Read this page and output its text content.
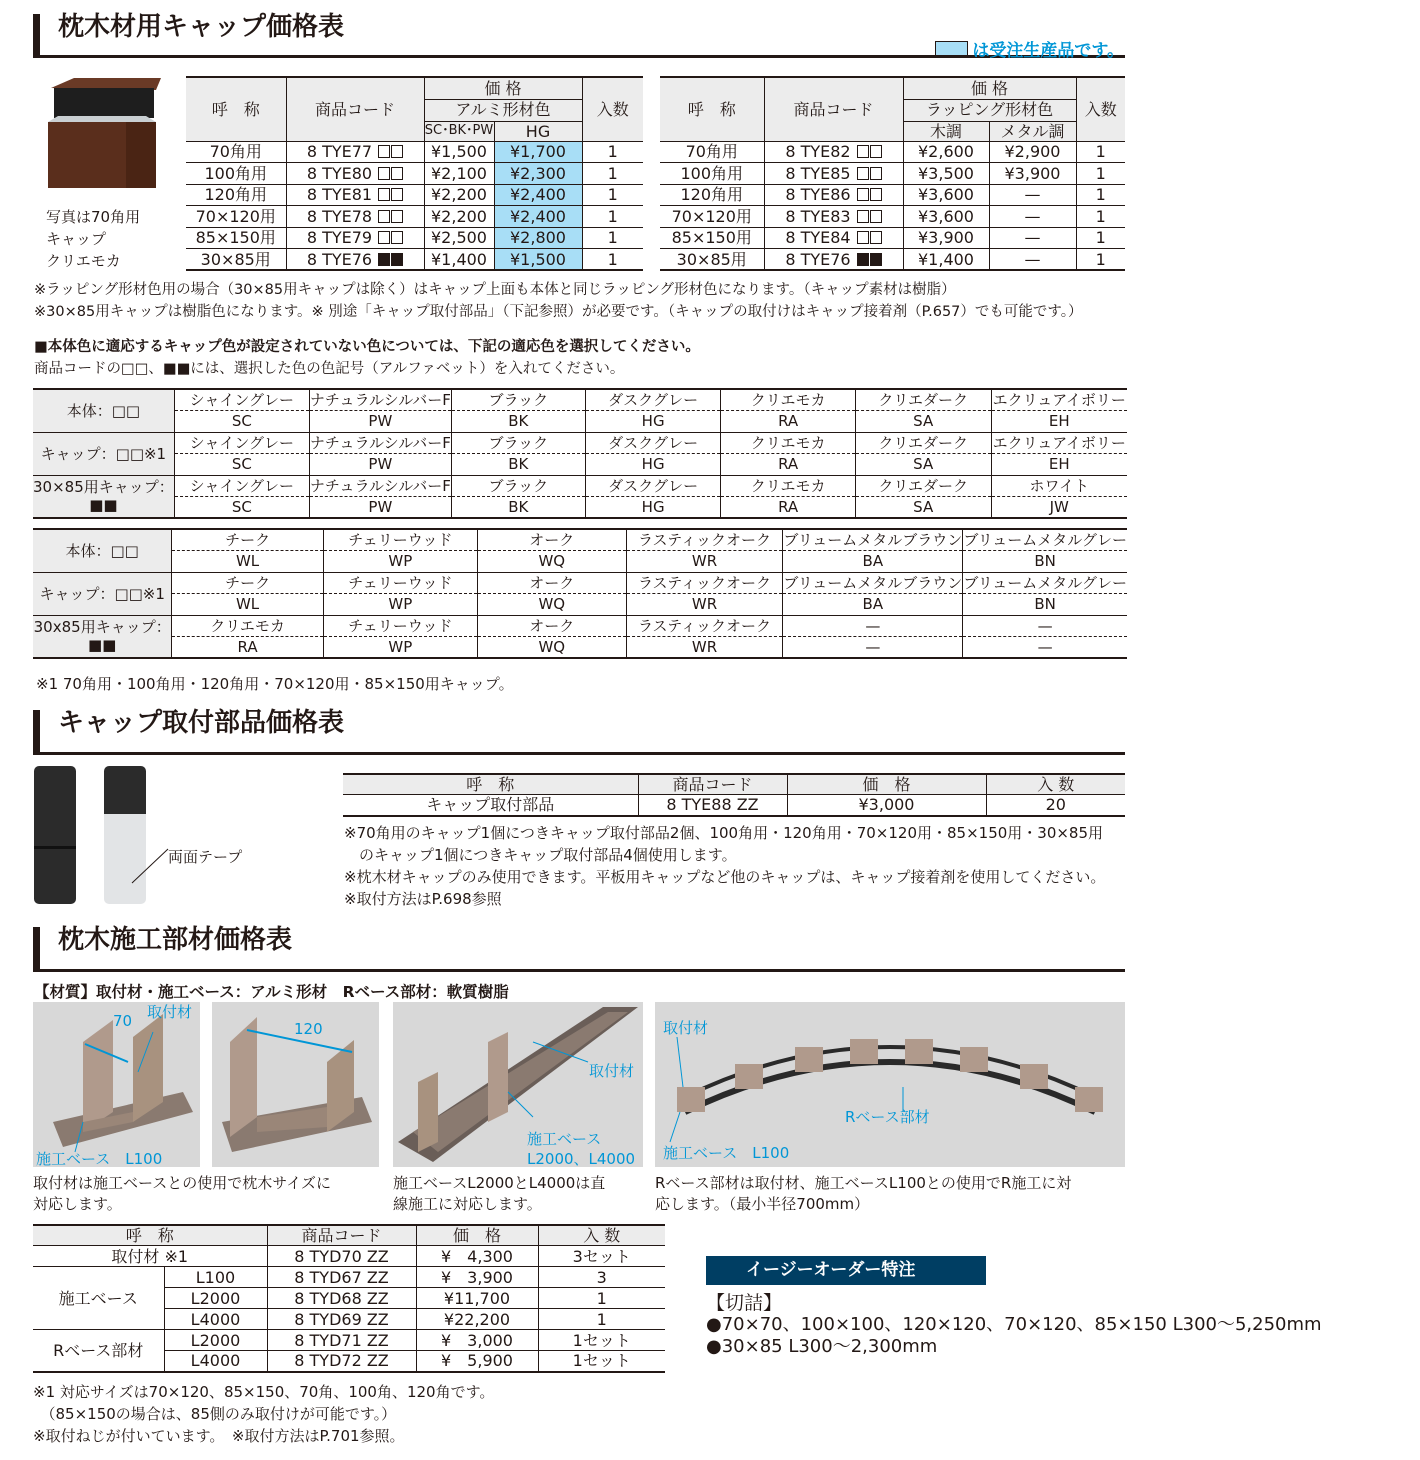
枕木材用キャップ価格表
は受注生産品です。
写真は70角用
キャップ
クリエモカ
呼　称	商品コード	価 格		入数
		アルミ形材色		
		SC･BK･PW	HG	
70角用	8 TYE77	¥1,500	¥1,700	1
100角用	8 TYE80	¥2,100	¥2,300	1
120角用	8 TYE81	¥2,200	¥2,400	1
70×120用	8 TYE78	¥2,200	¥2,400	1
85×150用	8 TYE79	¥2,500	¥2,800	1
30×85用	8 TYE76	¥1,400	¥1,500	1
呼　称	商品コード	価 格		入数
		ラッピング形材色		
		木調	メタル調	
70角用	8 TYE82	¥2,600	¥2,900	1
100角用	8 TYE85	¥3,500	¥3,900	1
120角用	8 TYE86	¥3,600	—	1
70×120用	8 TYE83	¥3,600	—	1
85×150用	8 TYE84	¥3,900	—	1
30×85用	8 TYE76	¥1,400	—	1
※ラッピング形材色用の場合（30×85用キャップは除く）はキャップ上面も本体と同じラッピング形材色になります。（キャップ素材は樹脂）
※30×85用キャップは樹脂色になります。※ 別途「キャップ取付部品」（下記参照）が必要です。（キャップの取付けはキャップ接着剤（P.657）でも可能です。）
■本体色に適応するキャップ色が設定されていない色については、下記の適応色を選択してください。
商品コードの□□、■■には、選択した色の色記号（アルファベット）を入れてください。
本体：□□	シャイングレー	ナチュラルシルバーF	ブラック	ダスクグレー	クリエモカ	クリエダーク	エクリュアイボリー
	SC	PW	BK	HG	RA	SA	EH
キャップ：□□※1	シャイングレー	ナチュラルシルバーF	ブラック	ダスクグレー	クリエモカ	クリエダーク	エクリュアイボリー
	SC	PW	BK	HG	RA	SA	EH

30×85用キャップ：
■■	シャイングレー	ナチュラルシルバーF	ブラック	ダスクグレー	クリエモカ	クリエダーク	ホワイト
	SC	PW	BK	HG	RA	SA	JW
本体：□□	チーク	チェリーウッド	オーク	ラスティックオーク	ブリュームメタルブラウン	ブリュームメタルグレー
	WL	WP	WQ	WR	BA	BN
キャップ：□□※1	チーク	チェリーウッド	オーク	ラスティックオーク	ブリュームメタルブラウン	ブリュームメタルグレー
	WL	WP	WQ	WR	BA	BN

30x85用キャップ：
■■	クリエモカ	チェリーウッド	オーク	ラスティックオーク	—	—
	RA	WP	WQ	WR	—	—
※1 70角用・100角用・120角用・70×120用・85×150用キャップ。
キャップ取付部品価格表
両面テープ
呼　称	商品コード	価　格	入 数
キャップ取付部品	8 TYE88 ZZ	¥3,000	20
※70角用のキャップ1個につきキャップ取付部品2個、100角用・120角用・70×120用・85×150用・30×85用
　のキャップ1個につきキャップ取付部品4個使用します。
※枕木材キャップのみ使用できます。平板用キャップなど他のキャップは、キャップ接着剤を使用してください。
※取付方法はP.698参照
枕木施工部材価格表
【材質】取付材・施工ベース：アルミ形材　Rベース部材：軟質樹脂
70 取付材
施工ベース　L100
120
取付材
施工ベース
L2000、L4000
取付材
Rベース部材
施工ベース　L100
取付材は施工ベースとの使用で枕木サイズに
対応します。
施工ベースL2000とL4000は直
線施工に対応します。
Rベース部材は取付材、施工ベースL100との使用でR施工に対
応します。（最小半径700mm）
呼　称		商品コード	価　格	入 数
取付材 ※1		8 TYD70 ZZ	¥　4,300	3セット
施工ベース	L100	8 TYD67 ZZ	¥　3,900	3
	L2000	8 TYD68 ZZ	¥11,700	1
	L4000	8 TYD69 ZZ	¥22,200	1
Rベース部材	L2000	8 TYD71 ZZ	¥　3,000	1セット
	L4000	8 TYD72 ZZ	¥　5,900	1セット
※1 対応サイズは70×120、85×150、70角、100角、120角です。
　（85×150の場合は、85側のみ取付けが可能です。）
※取付ねじが付いています。　※取付方法はP.701参照。
イージーオーダー特注
【切詰】
●70×70、100×100、120×120、70×120、85×150 L300～5,250mm
●30×85 L300～2,300mm
